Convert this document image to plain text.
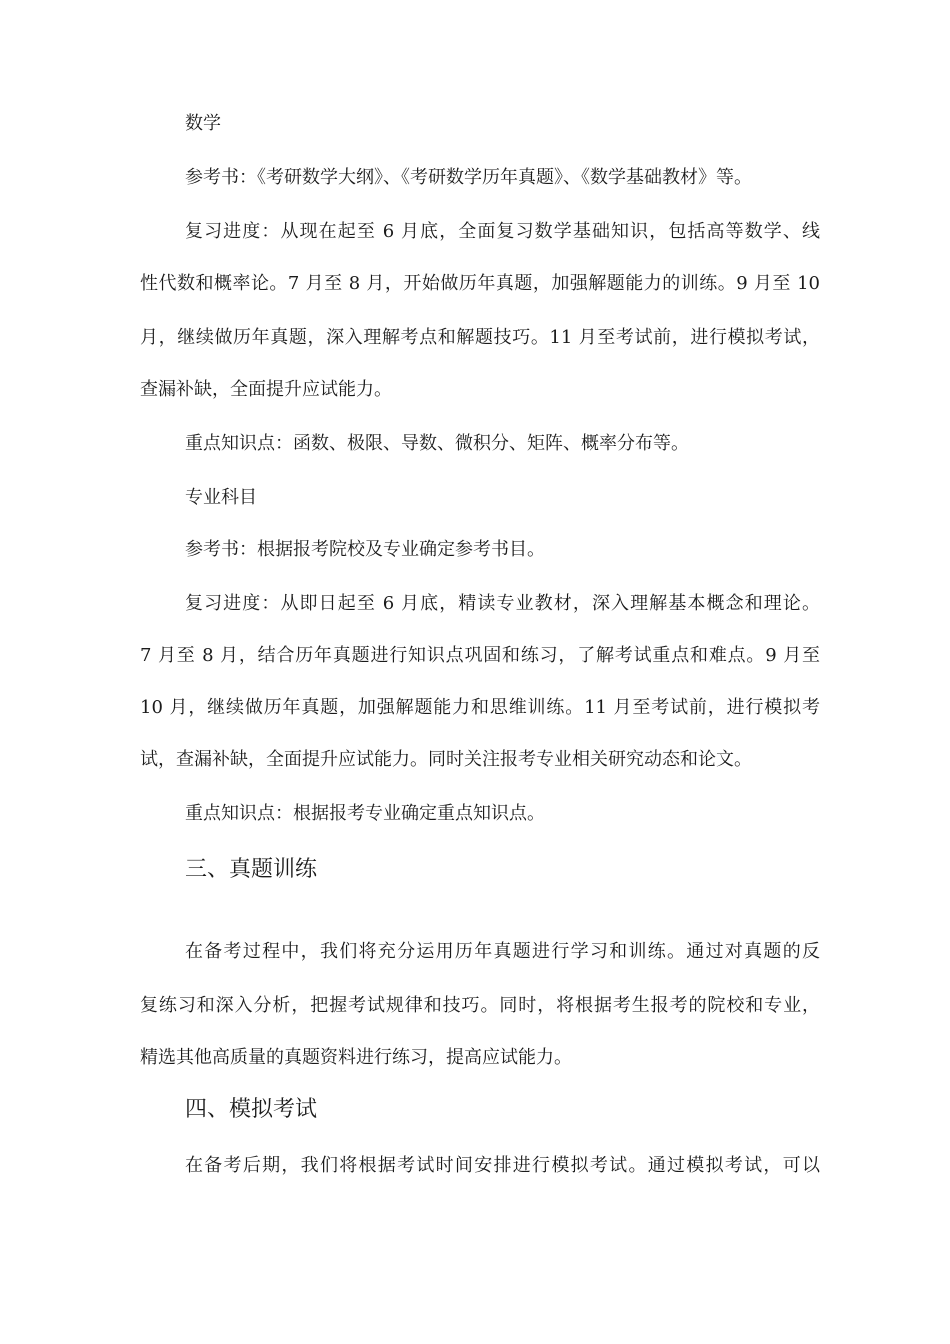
数学
参考书：《考研数学大纲》、《考研数学历年真题》、《数学基础教材》等。
复习进度：从现在起至 6 月底，全面复习数学基础知识，包括高等数学、线
性代数和概率论。7 月至 8 月，开始做历年真题，加强解题能力的训练。9 月至 10
月，继续做历年真题，深入理解考点和解题技巧。11 月至考试前，进行模拟考试，
查漏补缺，全面提升应试能力。
重点知识点：函数、极限、导数、微积分、矩阵、概率分布等。
专业科目
参考书：根据报考院校及专业确定参考书目。
复习进度：从即日起至 6 月底，精读专业教材，深入理解基本概念和理论。
7 月至 8 月，结合历年真题进行知识点巩固和练习，了解考试重点和难点。9 月至
10 月，继续做历年真题，加强解题能力和思维训练。11 月至考试前，进行模拟考
试，查漏补缺，全面提升应试能力。同时关注报考专业相关研究动态和论文。
重点知识点：根据报考专业确定重点知识点。
三、真题训练
在备考过程中，我们将充分运用历年真题进行学习和训练。通过对真题的反
复练习和深入分析，把握考试规律和技巧。同时，将根据考生报考的院校和专业，
精选其他高质量的真题资料进行练习，提高应试能力。
四、模拟考试
在备考后期，我们将根据考试时间安排进行模拟考试。通过模拟考试，可以
